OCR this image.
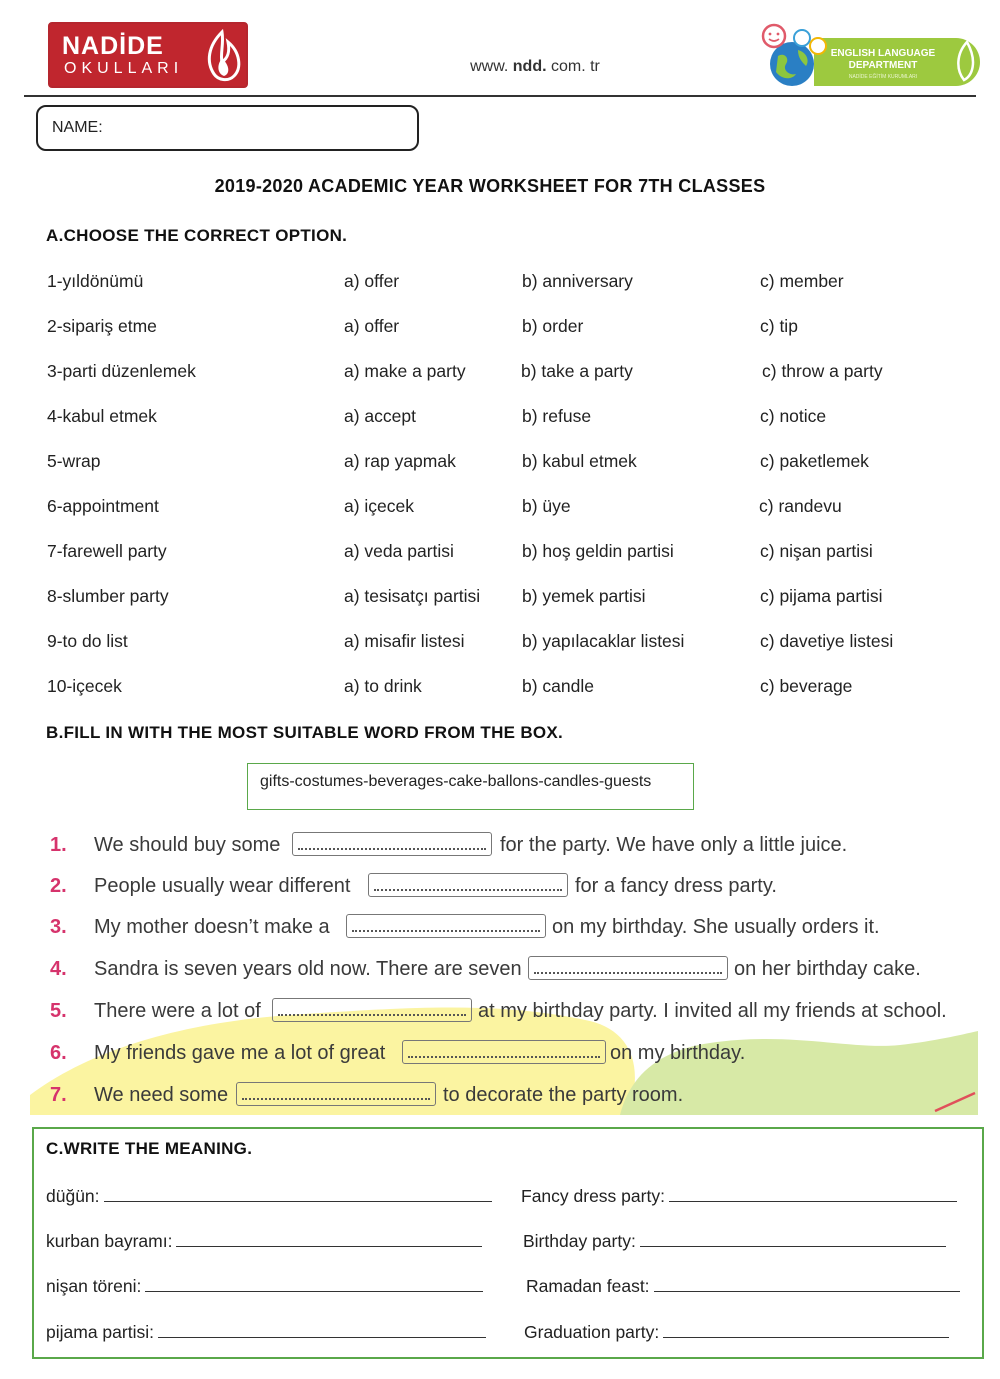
NADİDE
OKULLARI	www. ndd. com. tr
ENGLISH LANGUAGE
DEPARTMENT
NADİDE EĞİTİM KURUMLARI
NAME:
2019-2020 ACADEMIC YEAR WORKSHEET FOR 7TH CLASSES
A.CHOOSE THE CORRECT OPTION.
1-yıldönümü	a) offer	b) anniversary	c) member
2-sipariş etme	a) offer	b) order	c) tip
3-parti düzenlemek	a) make a party	b) take a party	c) throw a party
4-kabul etmek	a) accept	b) refuse	c) notice
5-wrap	a) rap yapmak	b) kabul etmek	c) paketlemek
6-appointment	a) içecek	b) üye	c) randevu
7-farewell party	a) veda partisi	b) hoş geldin partisi	c) nişan partisi
8-slumber party	a) tesisatçı partisi b) yemek partisi	c) pijama partisi
9-to do list	a) misafir listesi	b) yapılacaklar listesi	c) davetiye listesi
10-içecek	a) to drink	b) candle	c) beverage
B.FILL IN WITH THE MOST SUITABLE WORD FROM THE BOX.
gifts-costumes-beverages-cake-ballons-candles-guests
1. We should buy some	for the party. We have only a little juice.
2. People usually wear different	for a fancy dress party.
3. My mother doesn’t make a	on my birthday. She usually orders it.
4. Sandra is seven years old now. There are seven	on her birthday cake.
5. There were a lot of	at my birthday party. I invited all my friends at school.
6. My friends gave me a lot of great	on my birthday.
7. We need some	to decorate the party room.
C.WRITE THE MEANING.
düğün:
kurban bayramı:
nişan töreni:
pijama partisi:
Fancy dress party:
Birthday party:
Ramadan feast:
Graduation party:
